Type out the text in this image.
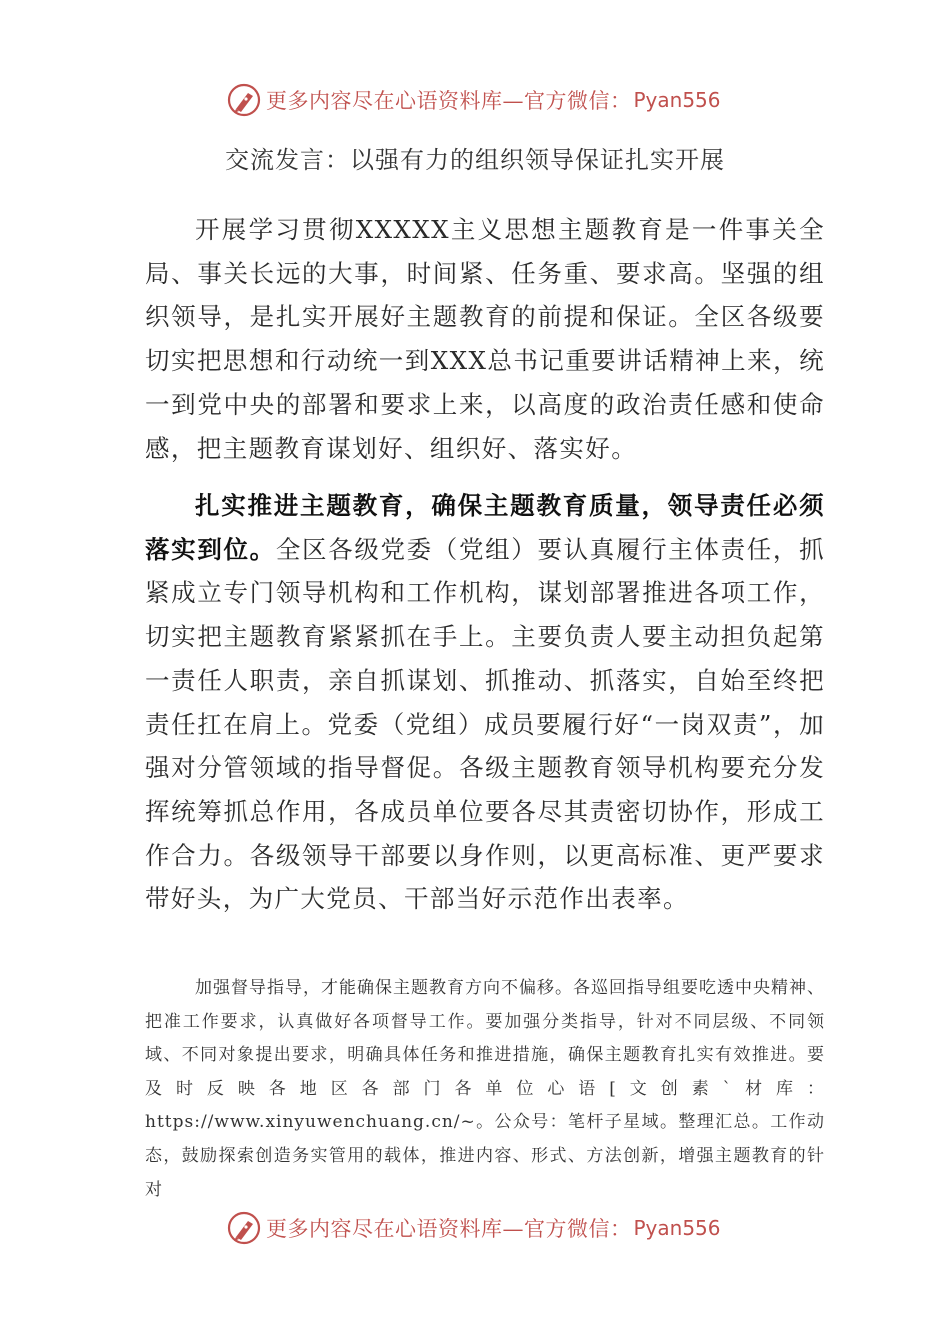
更多内容尽在心语资料库—官方微信： Pyan556
交流发言：以强有力的组织领导保证扎实开展
开展学习贯彻XXXXX主义思想主题教育是一件事关全局、事关长远的大事，时间紧、任务重、要求高。坚强的组织领导，是扎实开展好主题教育的前提和保证。全区各级要切实把思想和行动统一到XXX总书记重要讲话精神上来，统一到党中央的部署和要求上来，以高度的政治责任感和使命感，把主题教育谋划好、组织好、落实好。
扎实推进主题教育，确保主题教育质量，领导责任必须落实到位。全区各级党委（党组）要认真履行主体责任，抓紧成立专门领导机构和工作机构，谋划部署推进各项工作，切实把主题教育紧紧抓在手上。主要负责人要主动担负起第一责任人职责，亲自抓谋划、抓推动、抓落实，自始至终把责任扛在肩上。党委（党组）成员要履行好“一岗双责”，加强对分管领域的指导督促。各级主题教育领导机构要充分发挥统筹抓总作用，各成员单位要各尽其责密切协作，形成工作合力。各级领导干部要以身作则，以更高标准、更严要求带好头，为广大党员、干部当好示范作出表率。
加强督导指导，才能确保主题教育方向不偏移。各巡回指导组要吃透中央精神、把准工作要求，认真做好各项督导工作。要加强分类指导，针对不同层级、不同领域、不同对象提出要求，明确具体任务和推进措施，确保主题教育扎实有效推进。要及时反映各地区各部门各单位心语[文创素`材库：https://www.xinyuwenchuang.cn/~。公众号：笔杆子星域。整理汇总。工作动态，鼓励探索创造务实管用的载体，推进内容、形式、方法创新，增强主题教育的针对
更多内容尽在心语资料库—官方微信： Pyan556
